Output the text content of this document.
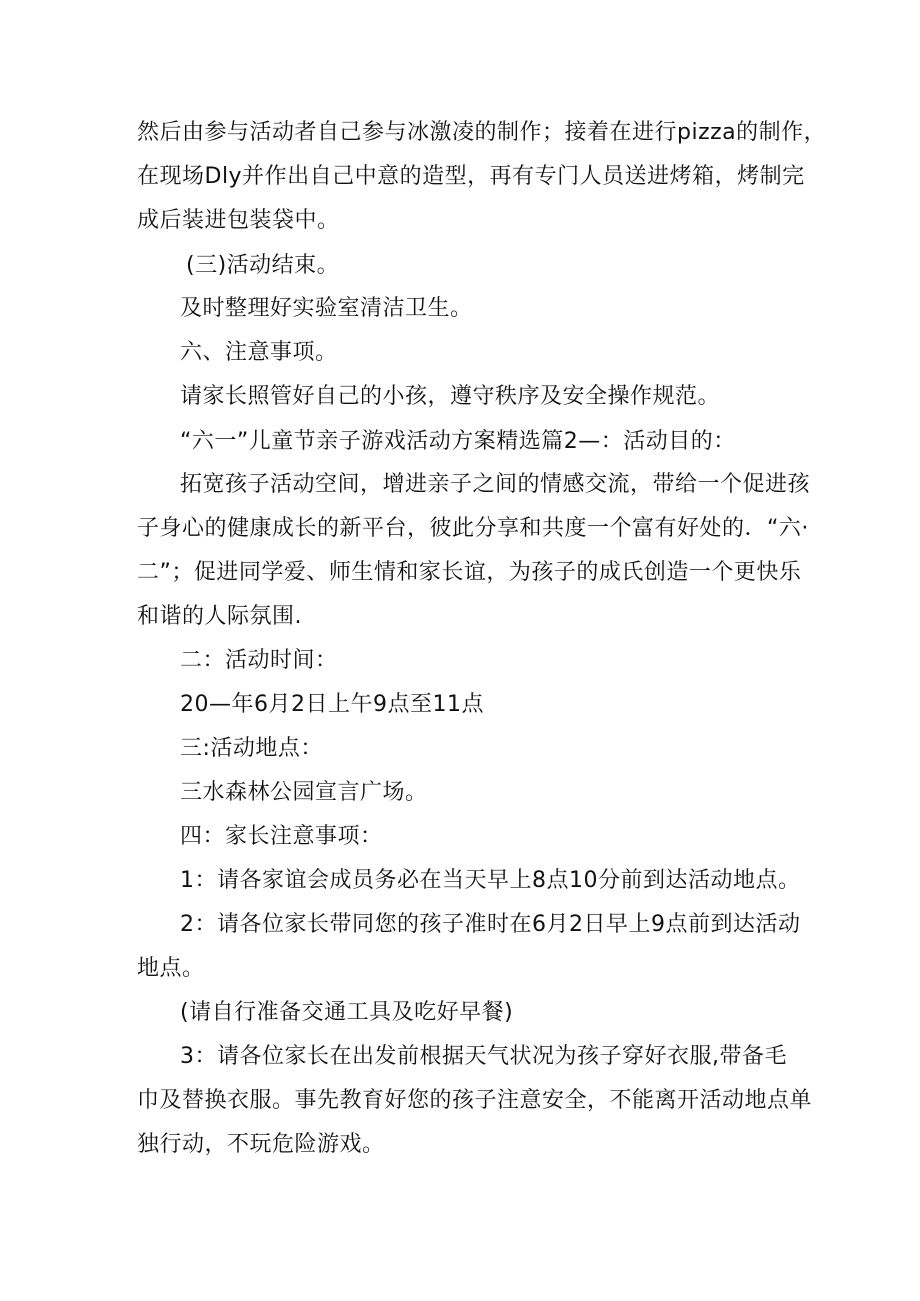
然后由参与活动者自己参与冰激凌的制作；接着在进行pizza的制作，
在现场Dly并作出自己中意的造型，再有专门人员送进烤箱，烤制完
成后装进包装袋中。
(三)活动结束。
及时整理好实验室清洁卫生。
六、注意事项。
请家长照管好自己的小孩，遵守秩序及安全操作规范。
“六一”儿童节亲子游戏活动方案精选篇2—：活动目的：
拓宽孩子活动空间，增进亲子之间的情感交流，带给一个促进孩
子身心的健康成长的新平台，彼此分享和共度一个富有好处的．“六·
二”；促进同学爱、师生情和家长谊，为孩子的成氏创造一个更快乐
和谐的人际氛围.
二：活动时间：
20—年6月2日上午9点至11点
三:活动地点：
三水森林公园宣言广场。
四：家长注意事项：
1：请各家谊会成员务必在当天早上8点10分前到达活动地点。
2：请各位家长带同您的孩子准时在6月2日早上9点前到达活动
地点。
(请自行准备交通工具及吃好早餐)
3：请各位家长在出发前根据天气状况为孩子穿好衣服,带备毛
巾及替换衣服。事先教育好您的孩子注意安全，不能离开活动地点单
独行动，不玩危险游戏。
